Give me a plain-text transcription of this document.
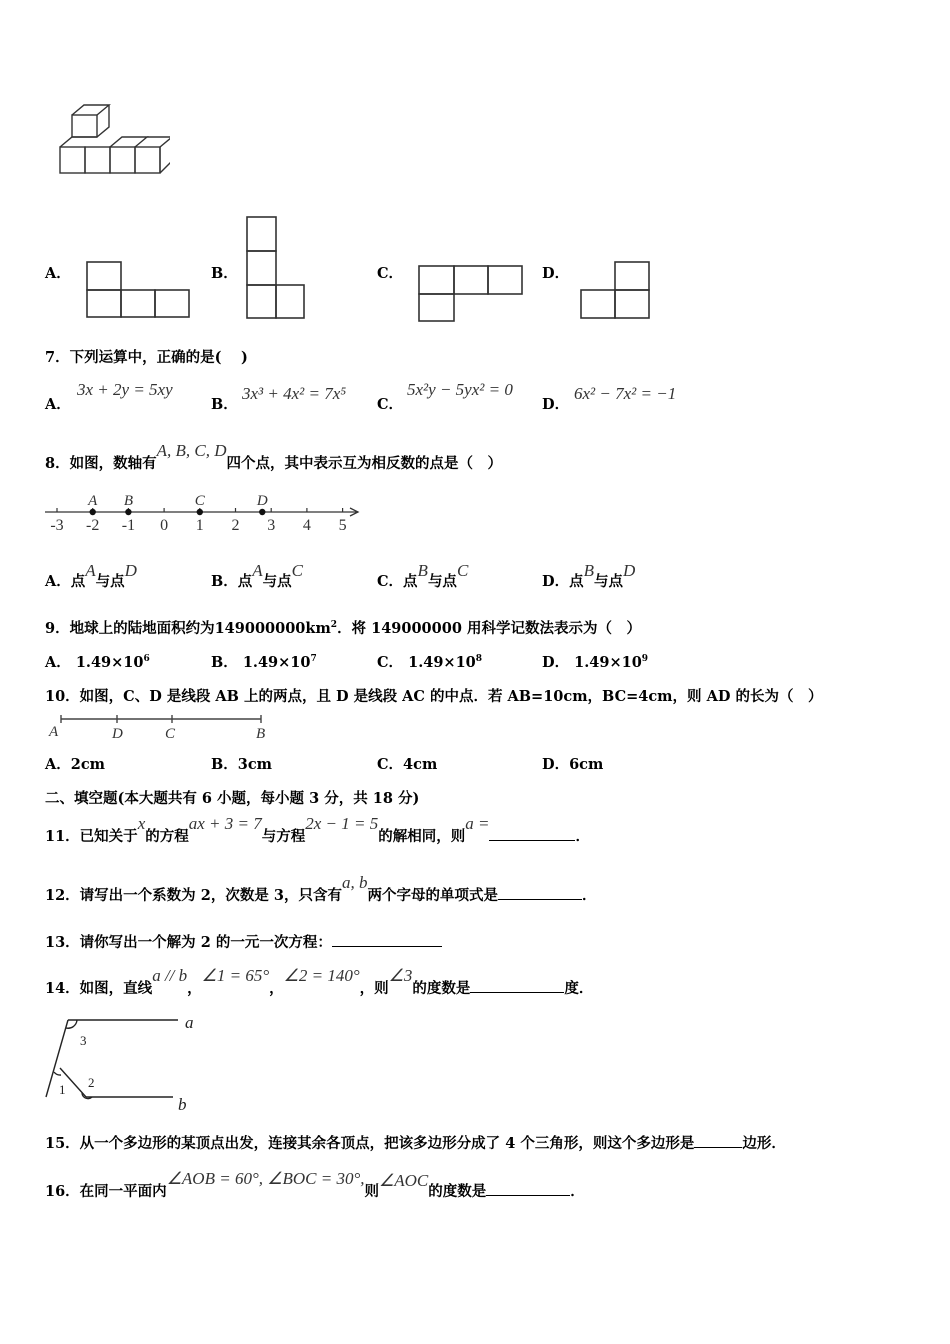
A．	B．	C．	D．
7．下列运算中，正确的是(　 )
A．
3x + 2y = 5xy
B．
3x³ + 4x² = 7x⁵
C．
5x²y − 5yx² = 0
D．
6x² − 7x² = −1
8．如图，数轴有A, B, C, D四个点，其中表示互为相反数的点是（　）
-3 -2 -1 0 1 2 3 4 5
A B	C	D
A．点A与点D
B．点A与点C
C．点B与点C
D．点B与点D
9．地球上的陆地面积约为$149000000km^2$．将 149000000 用科学记数法表示为（　）
A． $1.49\times 10^6$	B． $1.49\times 10^7$	C． $1.49\times 10^8$	D． $1.49\times 10^9$
10．如图，C、D 是线段 AB 上的两点，且 D 是线段 AC 的中点．若 AB=10cm，BC=4cm，则 AD 的长为（　）
A	D	C	B
A．2cm	B．3cm	C．4cm	D．6cm
二、填空题(本大题共有 6 小题，每小题 3 分，共 18 分)
11．已知关于x的方程ax + 3 = 7与方程2x − 1 = 5的解相同，则a =．
12．请写出一个系数为 2，次数是 3，只含有a, b两个字母的单项式是	．
13．请你写出一个解为 2 的一元一次方程：
14．如图，直线a // b，∠1 = 65°，∠2 = 140°，则∠3的度数是	度．
a
b
3
1 2
15．从一个多边形的某顶点出发，连接其余各顶点，把该多边形分成了 4 个三角形，则这个多边形是	边形．
16．在同一平面内∠AOB = 60°, ∠BOC = 30°,则∠AOC的度数是	．
